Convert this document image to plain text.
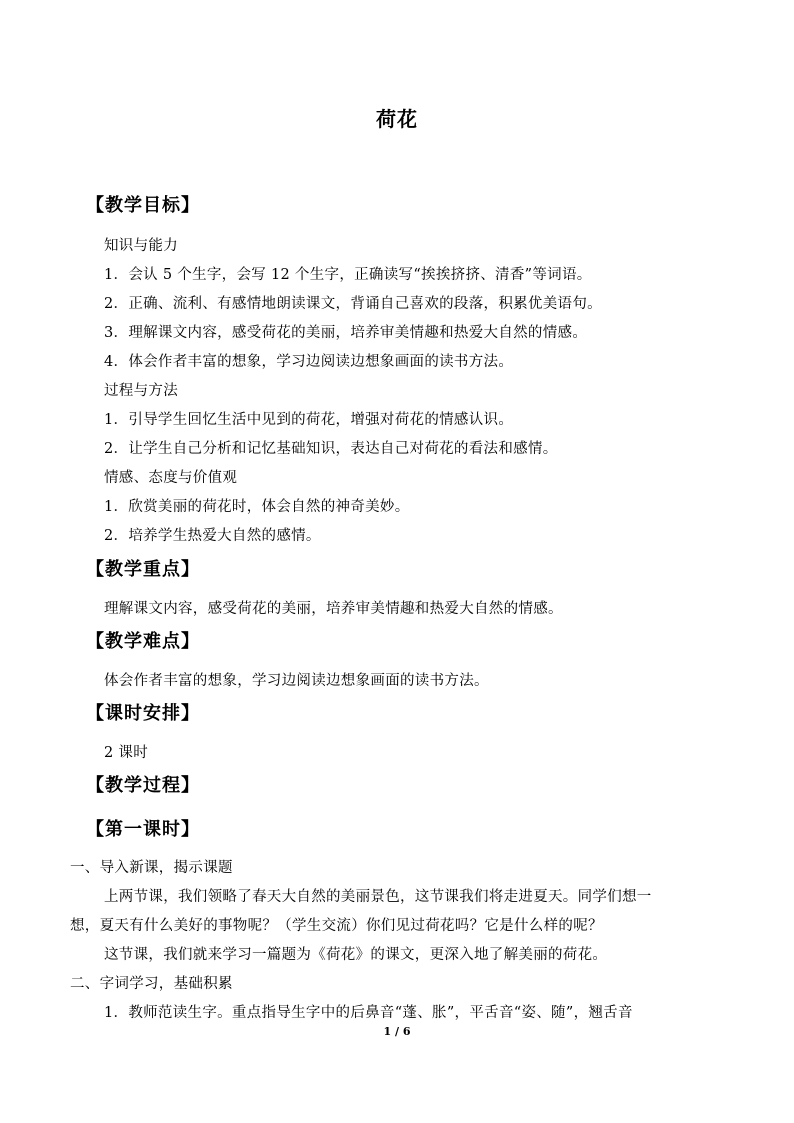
荷花
【教学目标】
知识与能力
1．会认 5 个生字，会写 12 个生字，正确读写“挨挨挤挤、清香”等词语。
2．正确、流利、有感情地朗读课文，背诵自己喜欢的段落，积累优美语句。
3．理解课文内容，感受荷花的美丽，培养审美情趣和热爱大自然的情感。
4．体会作者丰富的想象，学习边阅读边想象画面的读书方法。
过程与方法
1．引导学生回忆生活中见到的荷花，增强对荷花的情感认识。
2．让学生自己分析和记忆基础知识，表达自己对荷花的看法和感情。
情感、态度与价值观
1．欣赏美丽的荷花时，体会自然的神奇美妙。
2．培养学生热爱大自然的感情。
【教学重点】
理解课文内容，感受荷花的美丽，培养审美情趣和热爱大自然的情感。
【教学难点】
体会作者丰富的想象，学习边阅读边想象画面的读书方法。
【课时安排】
2 课时
【教学过程】
【第一课时】
一、导入新课，揭示课题
上两节课，我们领略了春天大自然的美丽景色，这节课我们将走进夏天。同学们想一
想，夏天有什么美好的事物呢？（学生交流）你们见过荷花吗？它是什么样的呢？
这节课，我们就来学习一篇题为《荷花》的课文，更深入地了解美丽的荷花。
二、字词学习，基础积累
1．教师范读生字。重点指导生字中的后鼻音“蓬、胀”，平舌音“姿、随”，翘舌音
1 / 6
